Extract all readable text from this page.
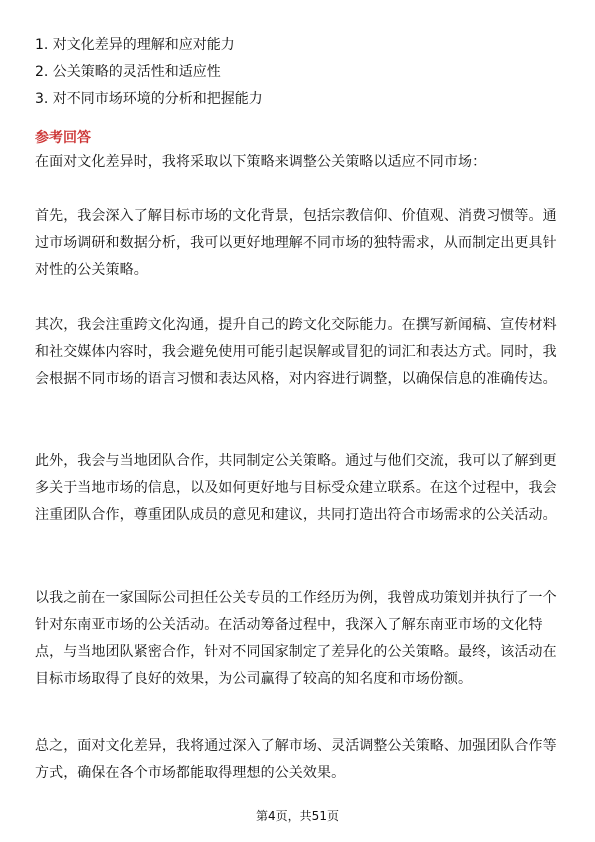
1. 对文化差异的理解和应对能力
2. 公关策略的灵活性和适应性
3. 对不同市场环境的分析和把握能力
参考回答
在面对文化差异时，我将采取以下策略来调整公关策略以适应不同市场：
首先，我会深入了解目标市场的文化背景，包括宗教信仰、价值观、消费习惯等。通过市场调研和数据分析，我可以更好地理解不同市场的独特需求，从而制定出更具针对性的公关策略。
其次，我会注重跨文化沟通，提升自己的跨文化交际能力。在撰写新闻稿、宣传材料和社交媒体内容时，我会避免使用可能引起误解或冒犯的词汇和表达方式。同时，我会根据不同市场的语言习惯和表达风格，对内容进行调整，以确保信息的准确传达。
此外，我会与当地团队合作，共同制定公关策略。通过与他们交流，我可以了解到更多关于当地市场的信息，以及如何更好地与目标受众建立联系。在这个过程中，我会注重团队合作，尊重团队成员的意见和建议，共同打造出符合市场需求的公关活动。
以我之前在一家国际公司担任公关专员的工作经历为例，我曾成功策划并执行了一个针对东南亚市场的公关活动。在活动筹备过程中，我深入了解东南亚市场的文化特点，与当地团队紧密合作，针对不同国家制定了差异化的公关策略。最终，该活动在目标市场取得了良好的效果，为公司赢得了较高的知名度和市场份额。
总之，面对文化差异，我将通过深入了解市场、灵活调整公关策略、加强团队合作等方式，确保在各个市场都能取得理想的公关效果。
第4页，共51页
